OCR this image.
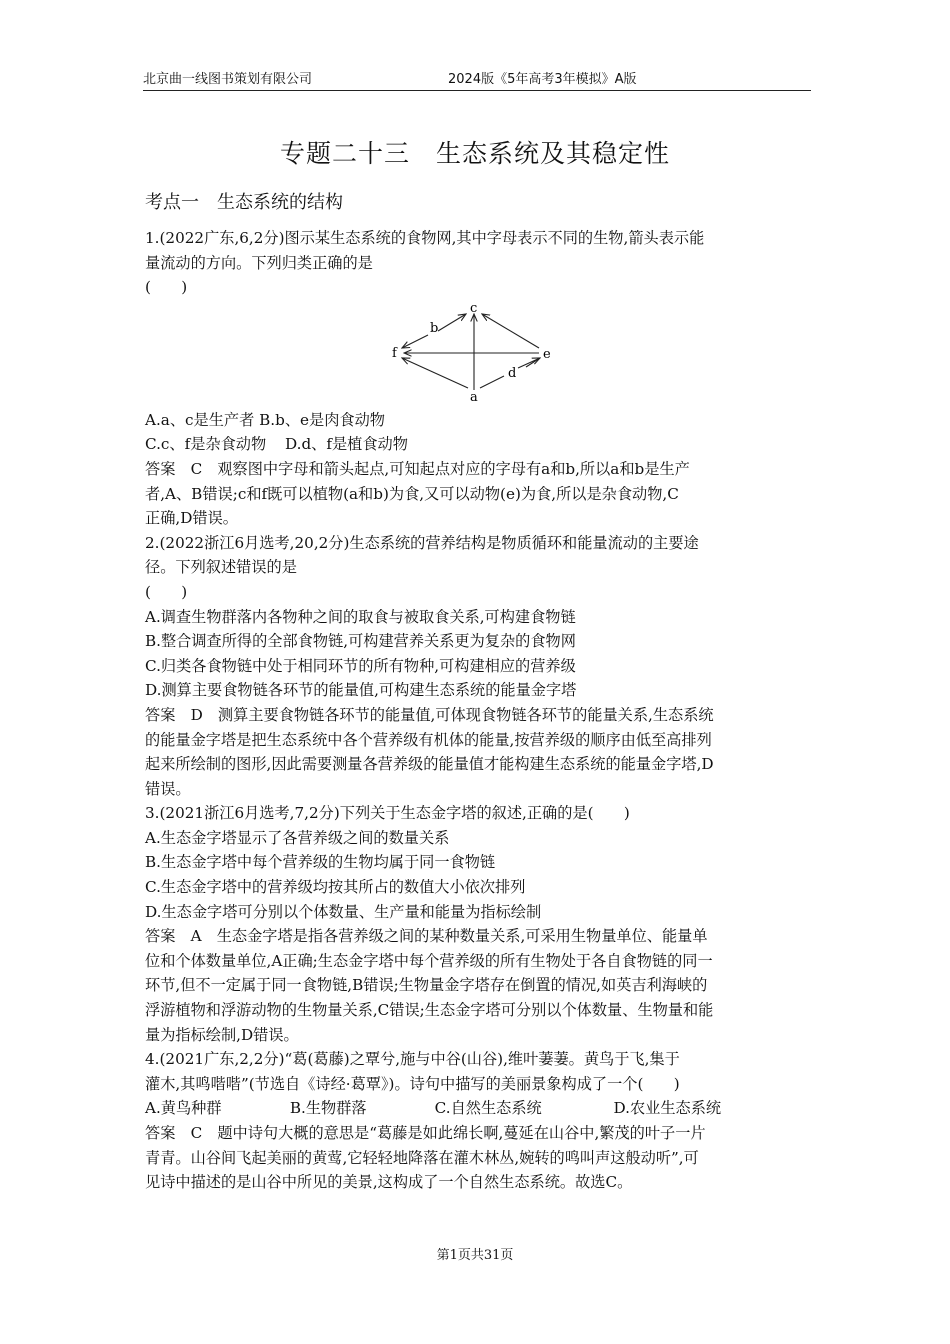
北京曲一线图书策划有限公司	2024版《5年高考3年模拟》A版
专题二十三　生态系统及其稳定性
考点一　生态系统的结构

1.(2022广东,6,2分)图示某生态系统的食物网,其中字母表示不同的生物,箭头表示能

量流动的方向。下列归类正确的是

(　　)

c
b
f	e
d
a

A.a、c是生产者 B.b、e是肉食动物

C.c、f是杂食动物 D.d、f是植食动物

答案　C　观察图中字母和箭头起点,可知起点对应的字母有a和b,所以a和b是生产

者,A、B错误;c和f既可以植物(a和b)为食,又可以动物(e)为食,所以是杂食动物,C

正确,D错误。

2.(2022浙江6月选考,20,2分)生态系统的营养结构是物质循环和能量流动的主要途

径。下列叙述错误的是

(　　)

A.调查生物群落内各物种之间的取食与被取食关系,可构建食物链

B.整合调查所得的全部食物链,可构建营养关系更为复杂的食物网

C.归类各食物链中处于相同环节的所有物种,可构建相应的营养级

D.测算主要食物链各环节的能量值,可构建生态系统的能量金字塔

答案　D　测算主要食物链各环节的能量值,可体现食物链各环节的能量关系,生态系统

的能量金字塔是把生态系统中各个营养级有机体的能量,按营养级的顺序由低至高排列

起来所绘制的图形,因此需要测量各营养级的能量值才能构建生态系统的能量金字塔,D

错误。

3.(2021浙江6月选考,7,2分)下列关于生态金字塔的叙述,正确的是(　　)

A.生态金字塔显示了各营养级之间的数量关系

B.生态金字塔中每个营养级的生物均属于同一食物链

C.生态金字塔中的营养级均按其所占的数值大小依次排列

D.生态金字塔可分别以个体数量、生产量和能量为指标绘制

答案　A　生态金字塔是指各营养级之间的某种数量关系,可采用生物量单位、能量单

位和个体数量单位,A正确;生态金字塔中每个营养级的所有生物处于各自食物链的同一

环节,但不一定属于同一食物链,B错误;生物量金字塔存在倒置的情况,如英吉利海峡的

浮游植物和浮游动物的生物量关系,C错误;生态金字塔可分别以个体数量、生物量和能

量为指标绘制,D错误。

4.(2021广东,2,2分)“葛(葛藤)之覃兮,施与中谷(山谷),维叶萋萋。黄鸟于飞,集于

灌木,其鸣喈喈”(节选自《诗经·葛覃》)。诗句中描写的美丽景象构成了一个(　　)

A.黄鸟种群	B.生物群落	C.自然生态系统	D.农业生态系统

答案　C　题中诗句大概的意思是“葛藤是如此绵长啊,蔓延在山谷中,繁茂的叶子一片

青青。山谷间飞起美丽的黄莺,它轻轻地降落在灌木林丛,婉转的鸣叫声这般动听”,可

见诗中描述的是山谷中所见的美景,这构成了一个自然生态系统。故选C。

第1页共31页
